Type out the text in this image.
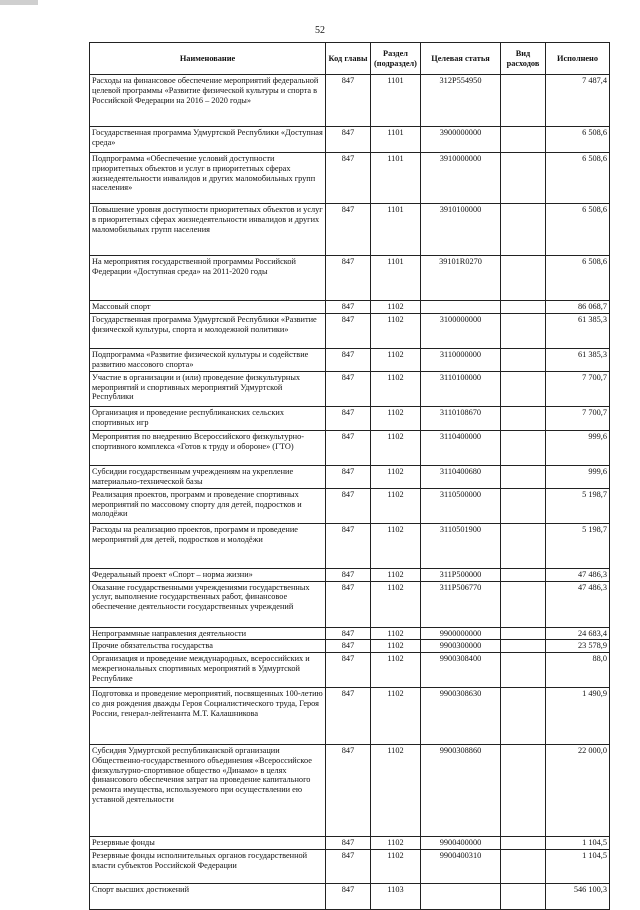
52
Наименование	Код главы	Раздел (подраздел)	Целевая статья	Вид расходов	Исполнено
Расходы на финансовое обеспечение мероприятий федеральной целевой программы «Развитие физической культуры и спорта в Российской Федерации на 2016 – 2020 годы»	847	1101	312P554950		7 487,4
Государственная программа Удмуртской Республики «Доступная среда»	847	1101	3900000000		6 508,6
Подпрограмма «Обеспечение условий доступности приоритетных объектов и услуг в приоритетных сферах жизнедеятельности инвалидов и других маломобильных групп населения»	847	1101	3910000000		6 508,6
Повышение уровня доступности приоритетных объектов и услуг в приоритетных сферах жизнедеятельности инвалидов и других маломобильных групп населения	847	1101	3910100000		6 508,6
На мероприятия государственной программы Российской Федерации «Доступная среда» на 2011-2020 годы	847	1101	39101R0270		6 508,6
Массовый спорт	847	1102			86 068,7
Государственная программа Удмуртской Республики «Развитие физической культуры, спорта и молодежной политики»	847	1102	3100000000		61 385,3
Подпрограмма «Развитие физической культуры и содействие развитию массового спорта»	847	1102	3110000000		61 385,3
Участие в организации и (или) проведение физкультурных мероприятий и спортивных мероприятий Удмуртской Республики	847	1102	3110100000		7 700,7
Организация и проведение республиканских сельских спортивных игр	847	1102	3110108670		7 700,7
Мероприятия по внедрению Всероссийского физкультурно-спортивного комплекса «Готов к труду и обороне» (ГТО)	847	1102	3110400000		999,6
Субсидии государственным учреждениям на укрепление материально-технической базы	847	1102	3110400680		999,6
Реализация проектов, программ и проведение спортивных мероприятий по массовому спорту для детей, подростков и молодёжи	847	1102	3110500000		5 198,7
Расходы на реализацию проектов, программ и проведение мероприятий для детей, подростков и молодёжи	847	1102	3110501900		5 198,7
Федеральный проект «Спорт – норма жизни»	847	1102	311P500000		47 486,3
Оказание государственными учреждениями государственных услуг, выполнение государственных работ, финансовое обеспечение деятельности государственных учреждений	847	1102	311P506770		47 486,3
Непрограммные направления деятельности	847	1102	9900000000		24 683,4
Прочие обязательства государства	847	1102	9900300000		23 578,9
Организация и проведение международных, всероссийских и межрегиональных спортивных мероприятий в Удмуртской Республике	847	1102	9900308400		88,0
Подготовка и проведение мероприятий, посвященных 100-летию со дня рождения дважды Героя Социалистического труда, Героя России, генерал-лейтенанта М.Т. Калашникова	847	1102	9900308630		1 490,9
Субсидия Удмуртской республиканской организации Общественно-государственного объединения «Всероссийское физкультурно-спортивное общество «Динамо» в целях финансового обеспечения затрат на проведение капитального ремонта имущества, используемого при осуществлении ею уставной деятельности	847	1102	9900308860		22 000,0
Резервные фонды	847	1102	9900400000		1 104,5
Резервные фонды исполнительных органов государственной власти субъектов Российской Федерации	847	1102	9900400310		1 104,5
Спорт высших достижений	847	1103			546 100,3
